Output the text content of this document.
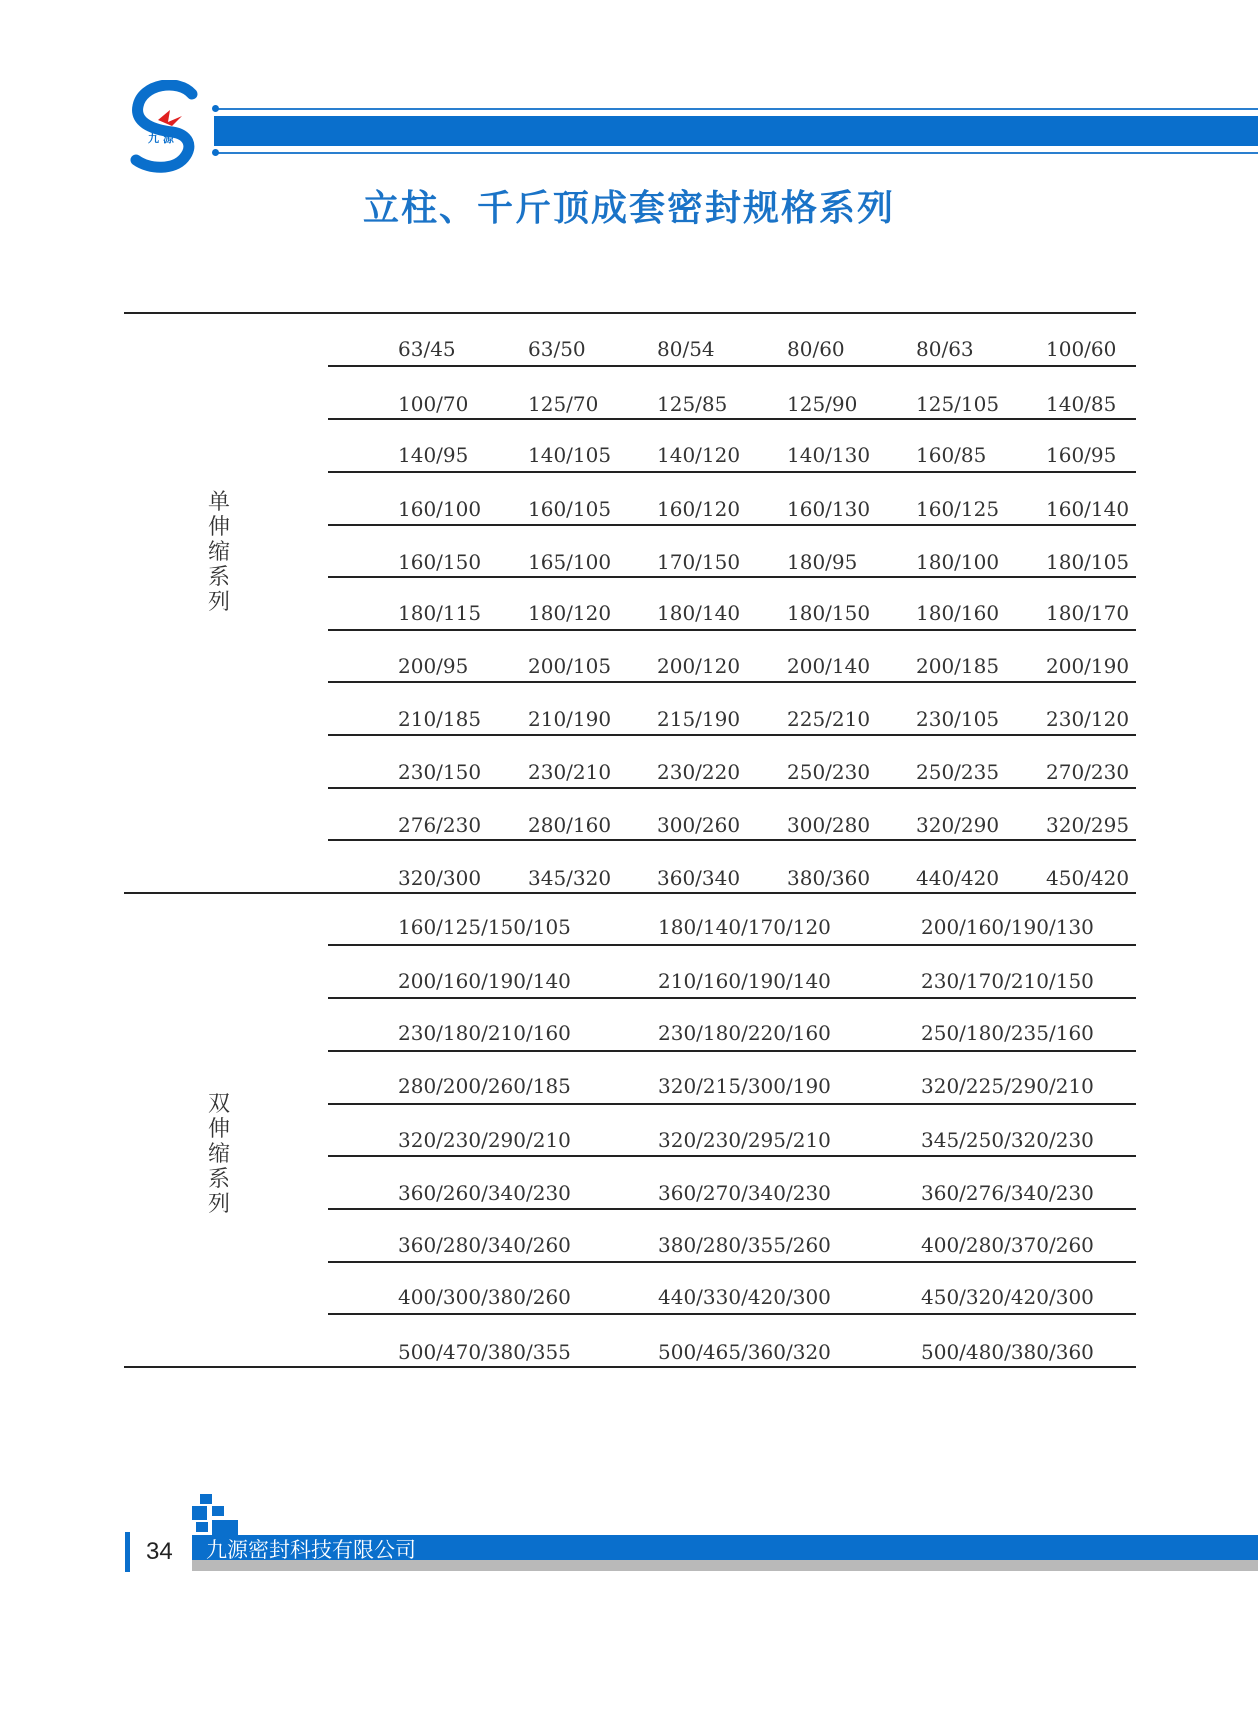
九 源
立柱、千斤顶成套密封规格系列
63/45	63/50	80/54	80/60	80/63	100/60
100/70	125/70	125/85	125/90	125/105 140/85
140/95	140/105 140/120 140/130 160/85	160/95
160/100 160/105 160/120 160/130 160/125 160/140
160/150 165/100 170/150 180/95	180/100 180/105
180/115 180/120 180/140 180/150 180/160 180/170
200/95	200/105 200/120 200/140 200/185 200/190
210/185 210/190 215/190 225/210 230/105 230/120
230/150 230/210 230/220 250/230 250/235 270/230
276/230 280/160 300/260 300/280 320/290 320/295
320/300 345/320 360/340 380/360 440/420 450/420
单
伸
缩
系
列
160/125/150/105	180/140/170/120	200/160/190/130
200/160/190/140	210/160/190/140	230/170/210/150
230/180/210/160	230/180/220/160	250/180/235/160
280/200/260/185	320/215/300/190	320/225/290/210
320/230/290/210	320/230/295/210	345/250/320/230
360/260/340/230	360/270/340/230	360/276/340/230
360/280/340/260	380/280/355/260	400/280/370/260
400/300/380/260	440/330/420/300	450/320/420/300
500/470/380/355	500/465/360/320	500/480/380/360
双
伸
缩
系
列
九源密封科技有限公司
34
